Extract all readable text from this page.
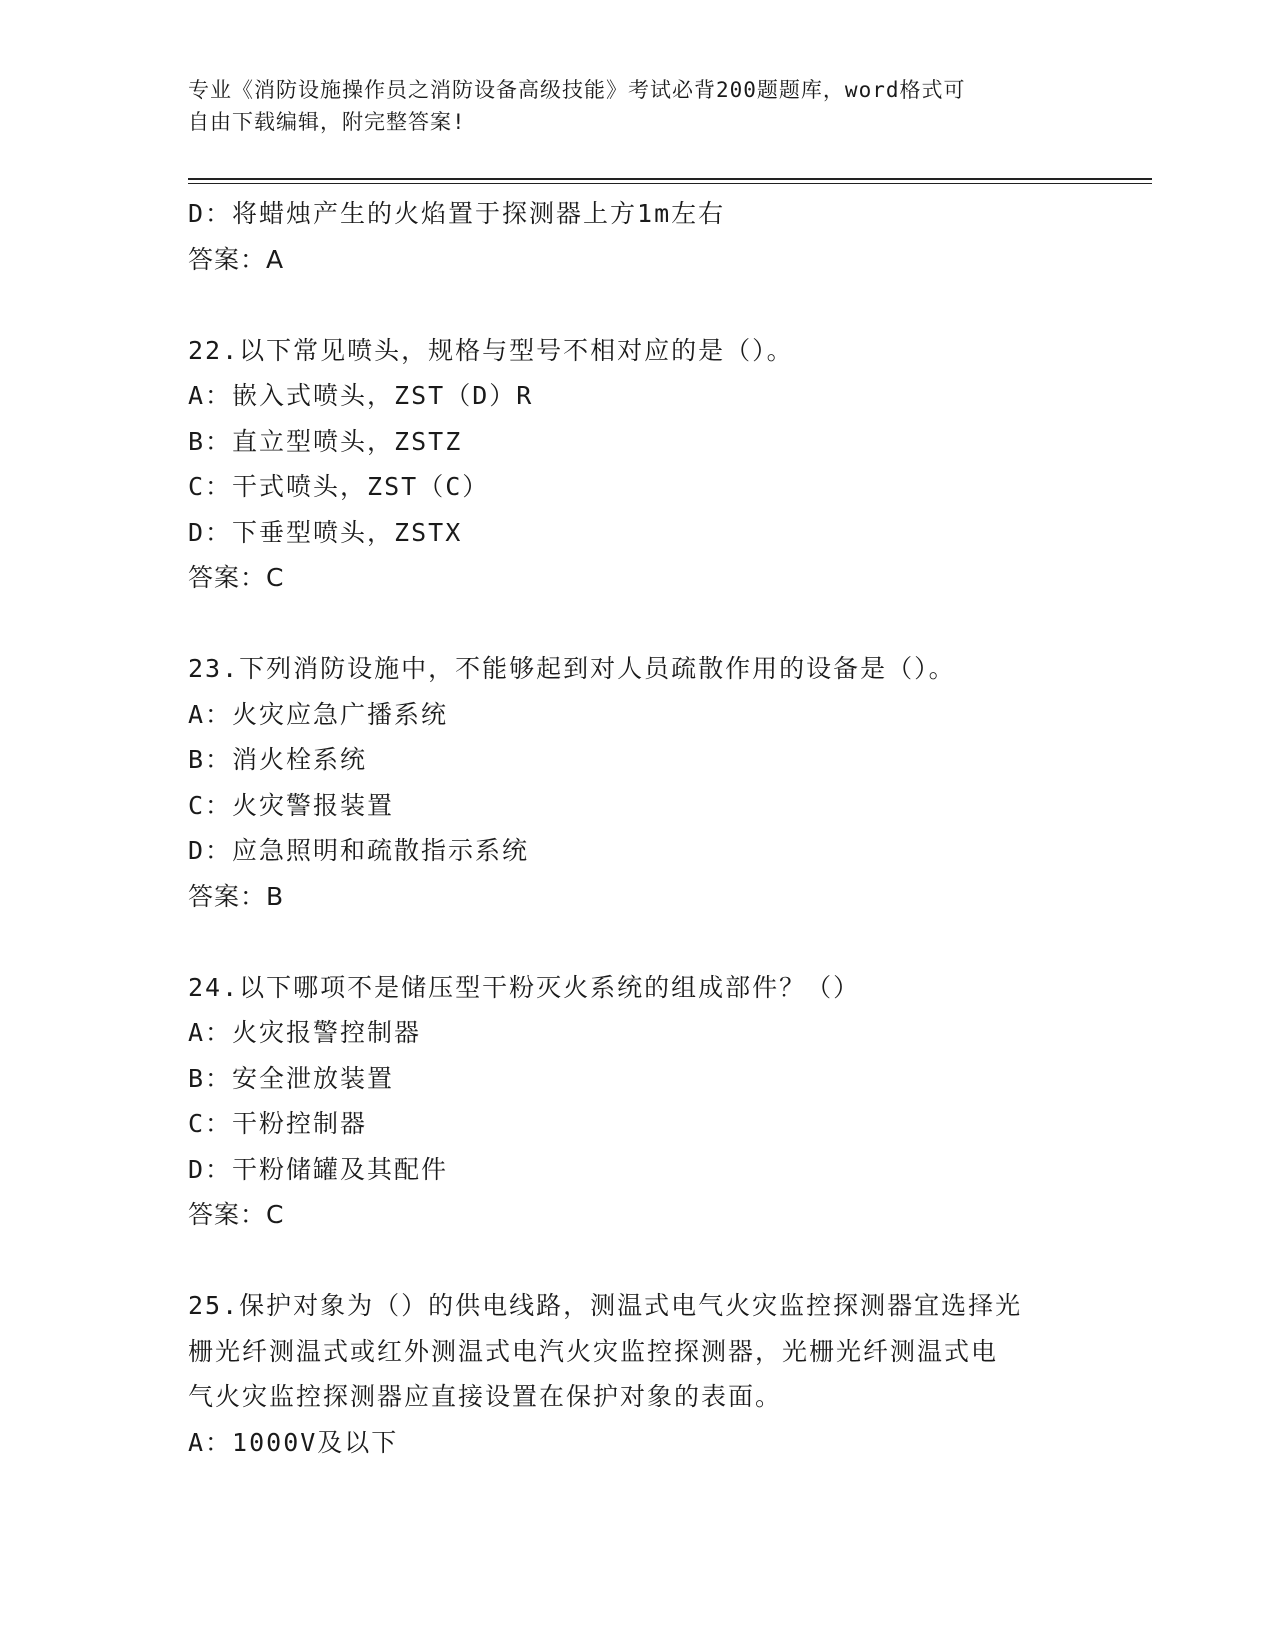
专业《消防设施操作员之消防设备高级技能》考试必背200题题库，word格式可
自由下载编辑，附完整答案!
D：将蜡烛产生的火焰置于探测器上方1m左右
答案：A
22.以下常见喷头，规格与型号不相对应的是（）。
A：嵌入式喷头，ZST（D）R
B：直立型喷头，ZSTZ
C：干式喷头，ZST（C）
D：下垂型喷头，ZSTX
答案：C
23.下列消防设施中，不能够起到对人员疏散作用的设备是（）。
A：火灾应急广播系统
B：消火栓系统
C：火灾警报装置
D：应急照明和疏散指示系统
答案：B
24.以下哪项不是储压型干粉灭火系统的组成部件？（）
A：火灾报警控制器
B：安全泄放装置
C：干粉控制器
D：干粉储罐及其配件
答案：C
25.保护对象为（）的供电线路，测温式电气火灾监控探测器宜选择光
栅光纤测温式或红外测温式电汽火灾监控探测器，光栅光纤测温式电
气火灾监控探测器应直接设置在保护对象的表面。
A：1000V及以下
